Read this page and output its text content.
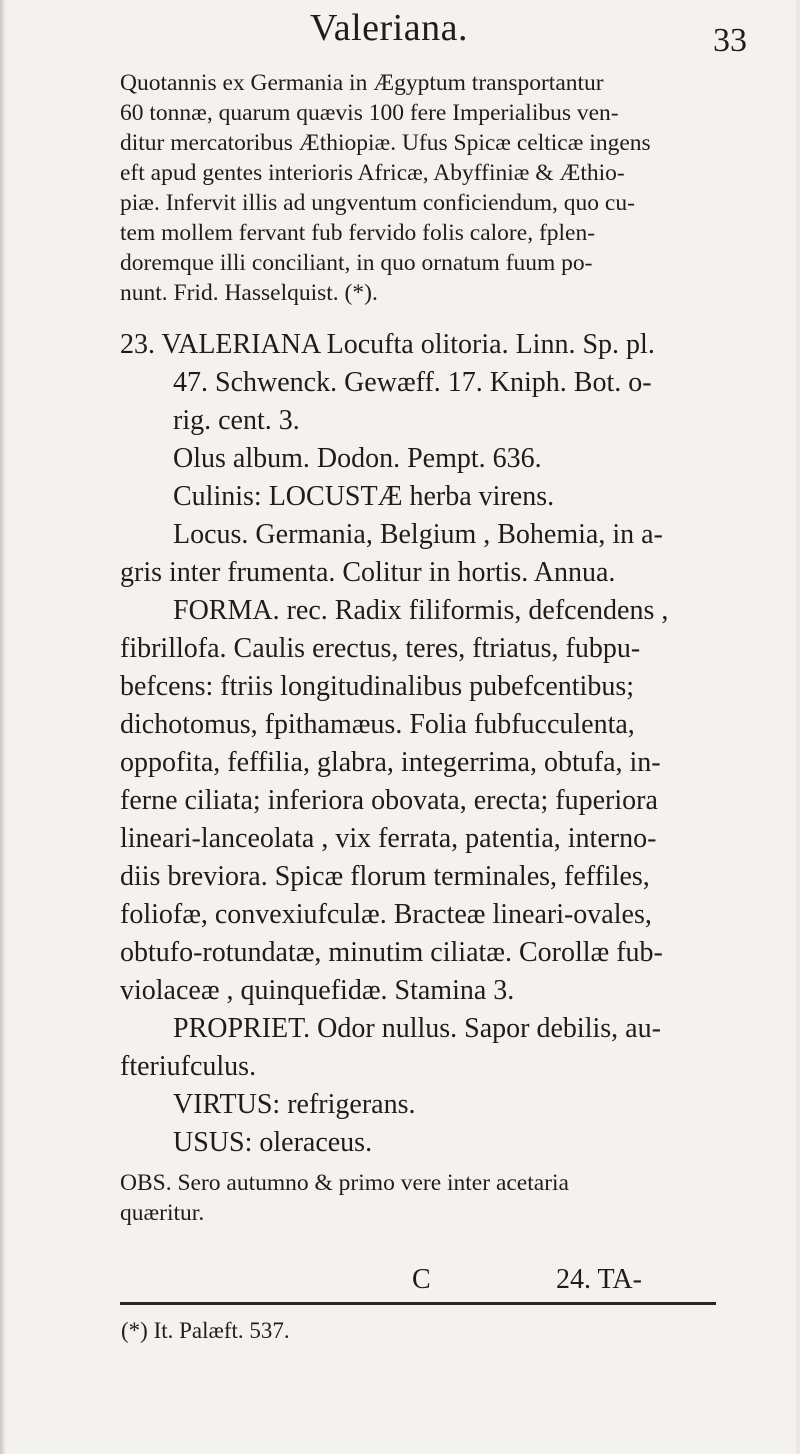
Valeriana.	33
Quotannis ex Germania in Ægyptum transportantur
60 tonnæ, quarum quævis 100 fere Imperialibus ven-
ditur mercatoribus Æthiopiæ. Ufus Spicæ celticæ ingens
eft apud gentes interioris Africæ, Abyffiniæ & Æthio-
piæ. Infervit illis ad ungventum conficiendum, quo cu-
tem mollem fervant fub fervido folis calore, fplen-
doremque illi conciliant, in quo ornatum fuum po-
nunt. Frid. Hasselquist. (*).
23. VALERIANA Locufta olitoria. Linn. Sp. pl.
47. Schwenck. Gewæff. 17. Kniph. Bot. o-
rig. cent. 3.
Olus album. Dodon. Pempt. 636.
Culinis: LOCUSTÆ herba virens.
Locus. Germania, Belgium , Bohemia, in a-
gris inter frumenta. Colitur in hortis. Annua.
FORMA. rec. Radix filiformis, defcendens ,
fibrillofa. Caulis erectus, teres, ftriatus, fubpu-
befcens: ftriis longitudinalibus pubefcentibus;
dichotomus, fpithamæus. Folia fubfucculenta,
oppofita, feffilia, glabra, integerrima, obtufa, in-
ferne ciliata; inferiora obovata, erecta; fuperiora
lineari-lanceolata , vix ferrata, patentia, interno-
diis breviora. Spicæ florum terminales, feffiles,
foliofæ, convexiufculæ. Bracteæ lineari-ovales,
obtufo-rotundatæ, minutim ciliatæ. Corollæ fub-
violaceæ , quinquefidæ. Stamina 3.
PROPRIET. Odor nullus. Sapor debilis, au-
fteriufculus.
VIRTUS: refrigerans.
USUS: oleraceus.
OBS. Sero autumno & primo vere inter acetaria
quæritur.
C	24. TA-
(*) It. Palæft. 537.
